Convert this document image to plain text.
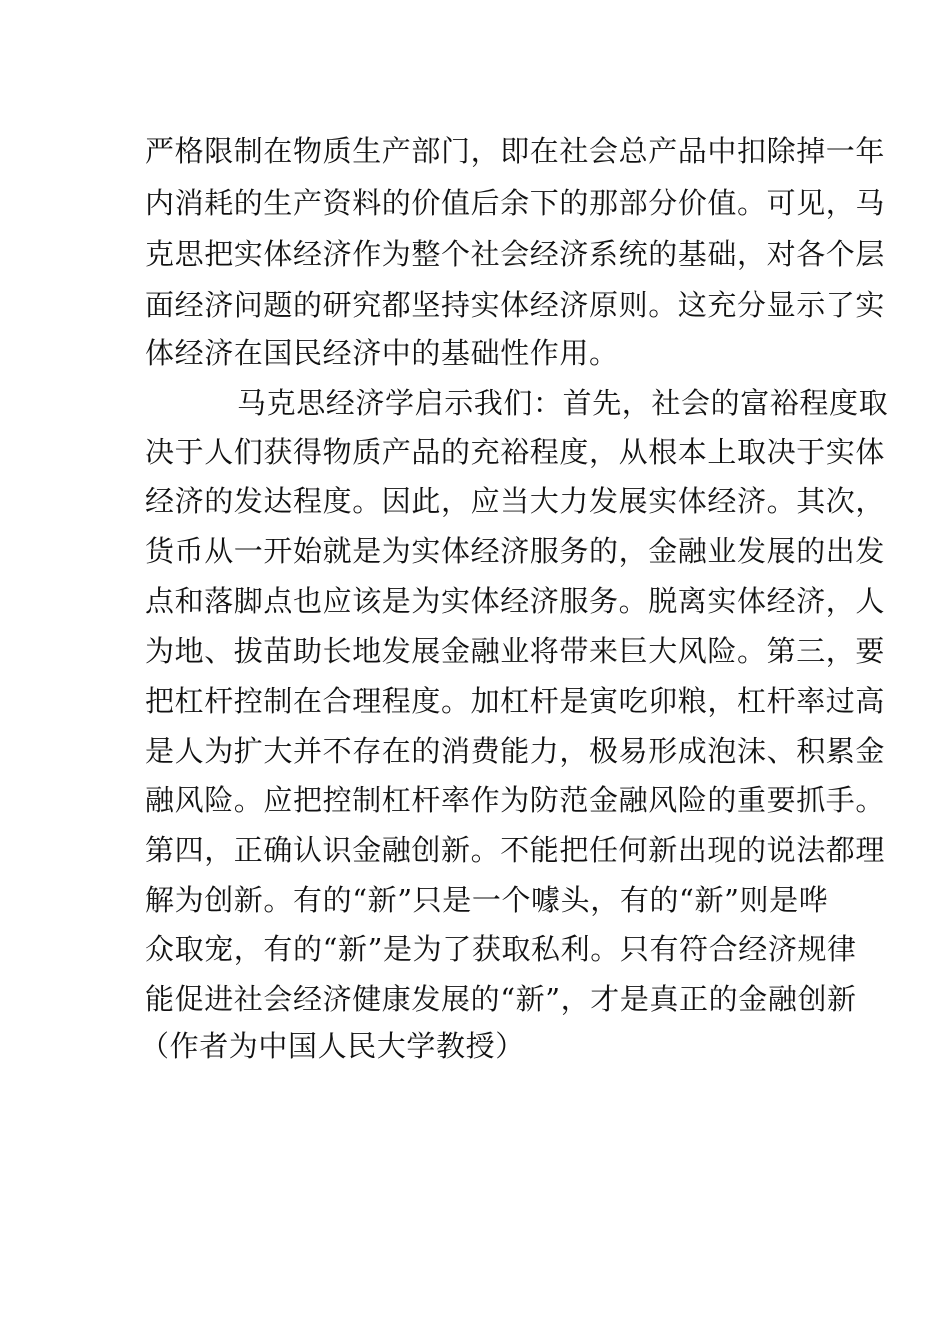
严格限制在物质生产部门，即在社会总产品中扣除掉一年
内消耗的生产资料的价值后余下的那部分价值。可见，马
克思把实体经济作为整个社会经济系统的基础，对各个层
面经济问题的研究都坚持实体经济原则。这充分显示了实
体经济在国民经济中的基础性作用。
马克思经济学启示我们：首先，社会的富裕程度取
决于人们获得物质产品的充裕程度，从根本上取决于实体
经济的发达程度。因此，应当大力发展实体经济。其次，
货币从一开始就是为实体经济服务的，金融业发展的出发
点和落脚点也应该是为实体经济服务。脱离实体经济，人
为地、拔苗助长地发展金融业将带来巨大风险。第三，要
把杠杆控制在合理程度。加杠杆是寅吃卯粮，杠杆率过高
是人为扩大并不存在的消费能力，极易形成泡沫、积累金
融风险。应把控制杠杆率作为防范金融风险的重要抓手。
第四，正确认识金融创新。不能把任何新出现的说法都理
解为创新。有的“新”只是一个噱头，有的“新”则是哗
众取宠，有的“新”是为了获取私利。只有符合经济规律
能促进社会经济健康发展的“新”，才是真正的金融创新
（作者为中国人民大学教授）
